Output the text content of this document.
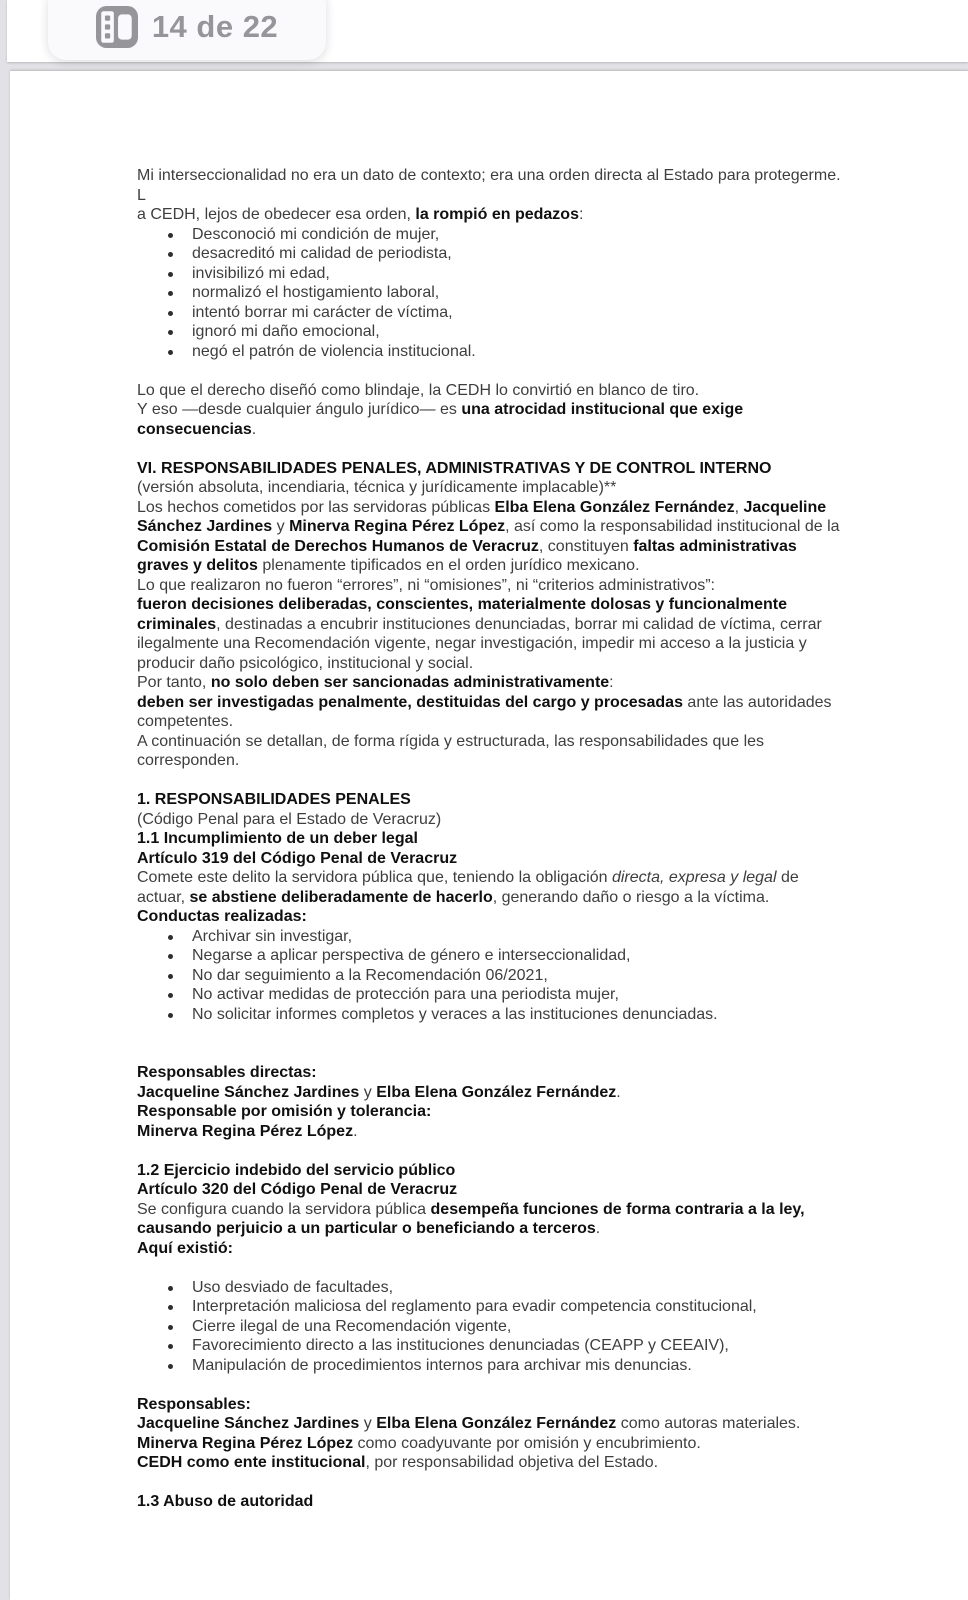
Mi interseccionalidad no era un dato de contexto; era una orden directa al Estado para protegerme.
L
a CEDH, lejos de obedecer esa orden, la rompió en pedazos:
Desconoció mi condición de mujer,
desacreditó mi calidad de periodista,
invisibilizó mi edad,
normalizó el hostigamiento laboral,
intentó borrar mi carácter de víctima,
ignoró mi daño emocional,
negó el patrón de violencia institucional.
Lo que el derecho diseñó como blindaje, la CEDH lo convirtió en blanco de tiro.
Y eso —desde cualquier ángulo jurídico— es una atrocidad institucional que exige consecuencias.
VI. RESPONSABILIDADES PENALES, ADMINISTRATIVAS Y DE CONTROL INTERNO
(versión absoluta, incendiaria, técnica y jurídicamente implacable)**
Los hechos cometidos por las servidoras públicas Elba Elena González Fernández, Jacqueline Sánchez Jardines y Minerva Regina Pérez López, así como la responsabilidad institucional de la Comisión Estatal de Derechos Humanos de Veracruz, constituyen faltas administrativas graves y delitos plenamente tipificados en el orden jurídico mexicano.
Lo que realizaron no fueron “errores”, ni “omisiones”, ni “criterios administrativos”:
fueron decisiones deliberadas, conscientes, materialmente dolosas y funcionalmente criminales, destinadas a encubrir instituciones denunciadas, borrar mi calidad de víctima, cerrar ilegalmente una Recomendación vigente, negar investigación, impedir mi acceso a la justicia y producir daño psicológico, institucional y social.
Por tanto, no solo deben ser sancionadas administrativamente:
deben ser investigadas penalmente, destituidas del cargo y procesadas ante las autoridades competentes.
A continuación se detallan, de forma rígida y estructurada, las responsabilidades que les corresponden.
1. RESPONSABILIDADES PENALES
(Código Penal para el Estado de Veracruz)
1.1 Incumplimiento de un deber legal
Artículo 319 del Código Penal de Veracruz
Comete este delito la servidora pública que, teniendo la obligación directa, expresa y legal de actuar, se abstiene deliberadamente de hacerlo, generando daño o riesgo a la víctima.
Conductas realizadas:
Archivar sin investigar,
Negarse a aplicar perspectiva de género e interseccionalidad,
No dar seguimiento a la Recomendación 06/2021,
No activar medidas de protección para una periodista mujer,
No solicitar informes completos y veraces a las instituciones denunciadas.
Responsables directas:
Jacqueline Sánchez Jardines y Elba Elena González Fernández.
Responsable por omisión y tolerancia:
Minerva Regina Pérez López.
1.2 Ejercicio indebido del servicio público
Artículo 320 del Código Penal de Veracruz
Se configura cuando la servidora pública desempeña funciones de forma contraria a la ley, causando perjuicio a un particular o beneficiando a terceros.
Aquí existió:
Uso desviado de facultades,
Interpretación maliciosa del reglamento para evadir competencia constitucional,
Cierre ilegal de una Recomendación vigente,
Favorecimiento directo a las instituciones denunciadas (CEAPP y CEEAIV),
Manipulación de procedimientos internos para archivar mis denuncias.
Responsables:
Jacqueline Sánchez Jardines y Elba Elena González Fernández como autoras materiales.
Minerva Regina Pérez López como coadyuvante por omisión y encubrimiento.
CEDH como ente institucional, por responsabilidad objetiva del Estado.
1.3 Abuso de autoridad
14 de 22
